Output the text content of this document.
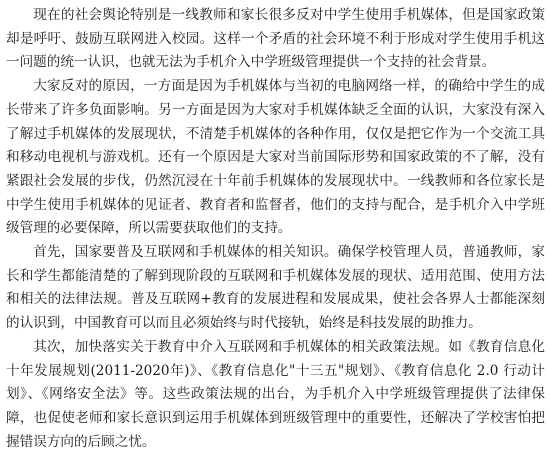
现在的社会舆论特别是一线教师和家长很多反对中学生使用手机媒体，但是国家政策却是呼吁、鼓励互联网进入校园。这样一个矛盾的社会环境不利于形成对学生使用手机这一问题的统一认识，也就无法为手机介入中学班级管理提供一个支持的社会背景。

大家反对的原因，一方面是因为手机媒体与当初的电脑网络一样，的确给中学生的成长带来了许多负面影响。另一方面是因为大家对手机媒体缺乏全面的认识，大家没有深入了解过手机媒体的发展现状，不清楚手机媒体的各种作用，仅仅是把它作为一个交流工具和移动电视机与游戏机。还有一个原因是大家对当前国际形势和国家政策的不了解，没有紧跟社会发展的步伐，仍然沉浸在十年前手机媒体的发展现状中。一线教师和各位家长是中学生使用手机媒体的见证者、教育者和监督者，他们的支持与配合，是手机介入中学班级管理的必要保障，所以需要获取他们的支持。

首先，国家要普及互联网和手机媒体的相关知识。确保学校管理人员，普通教师，家长和学生都能清楚的了解到现阶段的互联网和手机媒体发展的现状、适用范围、使用方法和相关的法律法规。普及互联网+教育的发展进程和发展成果，使社会各界人士都能深刻的认识到，中国教育可以而且必须始终与时代接轨，始终是科技发展的助推力。

其次，加快落实关于教育中介入互联网和手机媒体的相关政策法规。如《教育信息化十年发展规划(2011-2020年)》、《教育信息化"十三五"规划》、《教育信息化 2.0 行动计划》、《网络安全法》等。这些政策法规的出台，为手机介入中学班级管理提供了法律保障，也促使老师和家长意识到运用手机媒体到班级管理中的重要性，还解决了学校害怕把握错误方向的后顾之忧。
